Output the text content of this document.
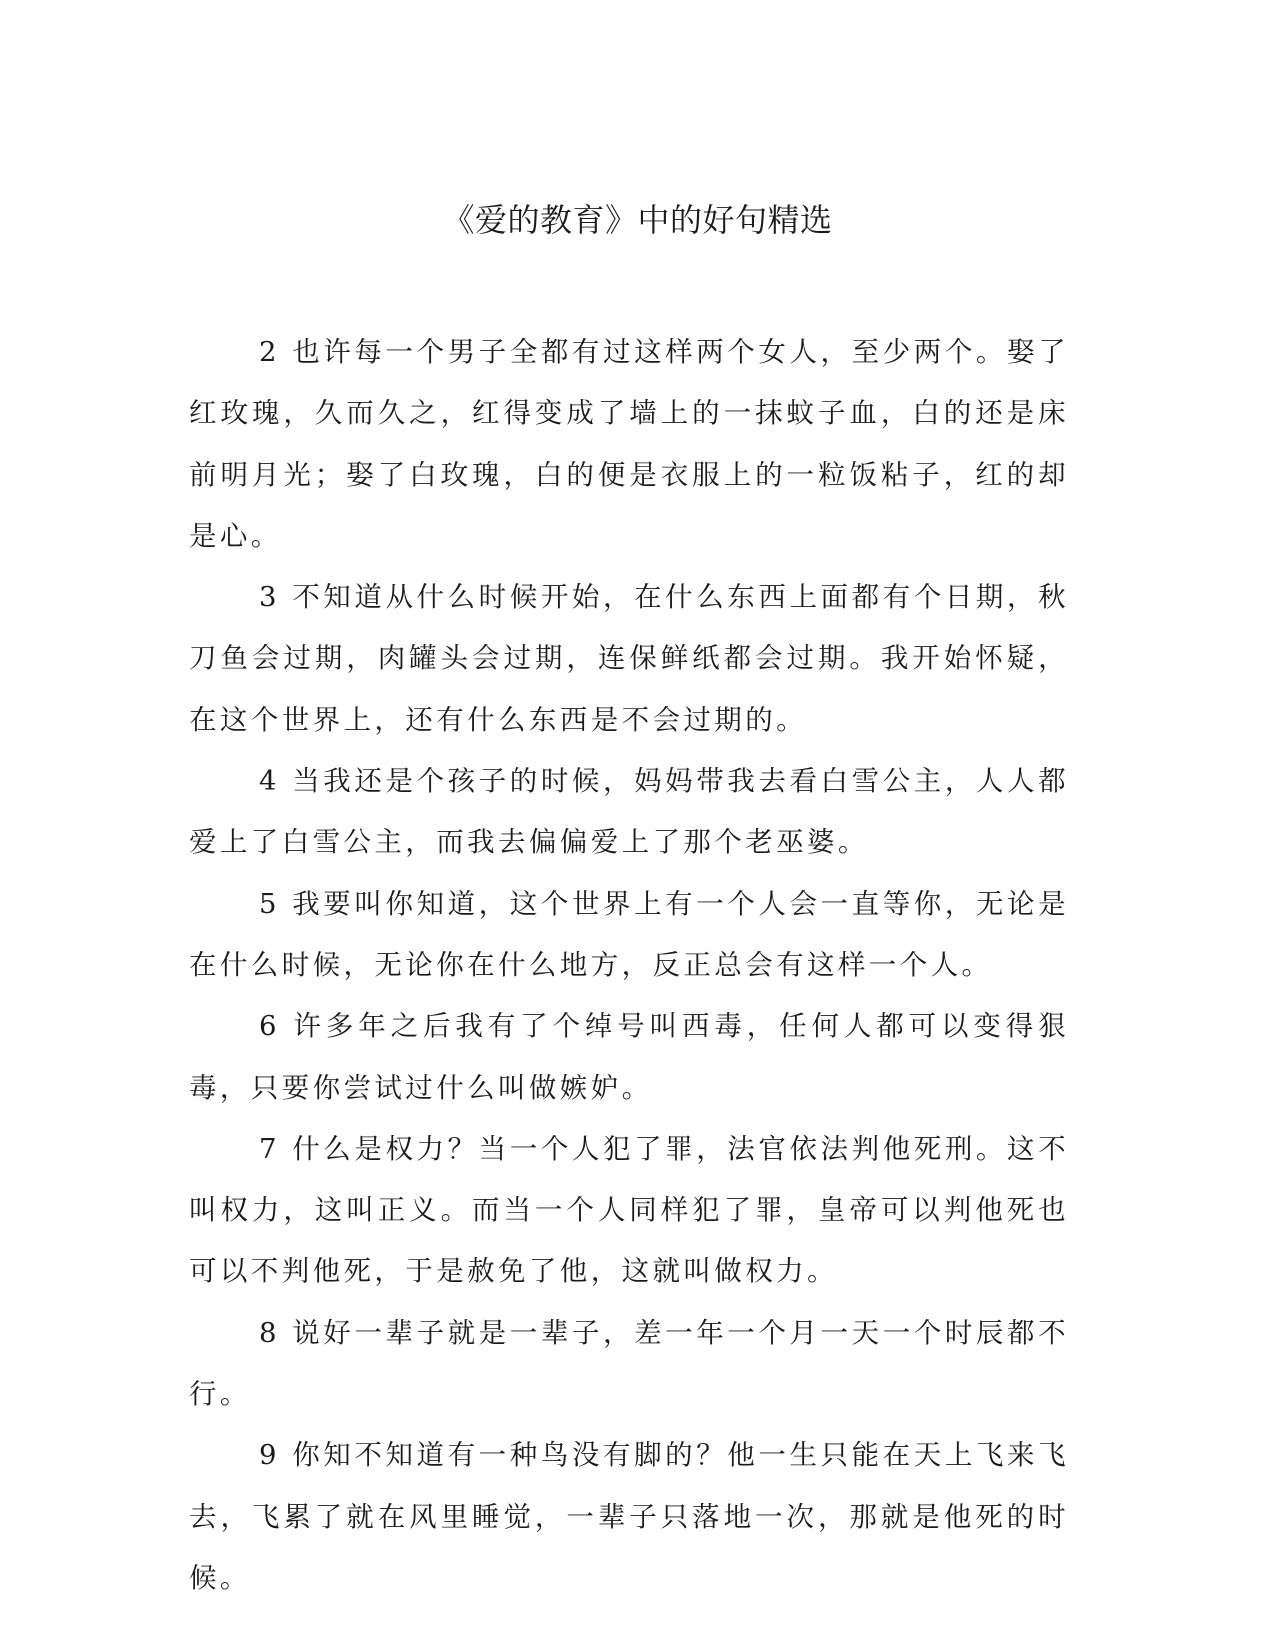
《爱的教育》中的好句精选

2 也许每一个男子全都有过这样两个女人，至少两个。娶了红玫瑰，久而久之，红得变成了墙上的一抹蚊子血，白的还是床前明月光；娶了白玫瑰，白的便是衣服上的一粒饭粘子，红的却是心。

3 不知道从什么时候开始，在什么东西上面都有个日期，秋刀鱼会过期，肉罐头会过期，连保鲜纸都会过期。我开始怀疑，在这个世界上，还有什么东西是不会过期的。

4 当我还是个孩子的时候，妈妈带我去看白雪公主，人人都爱上了白雪公主，而我去偏偏爱上了那个老巫婆。

5 我要叫你知道，这个世界上有一个人会一直等你，无论是在什么时候，无论你在什么地方，反正总会有这样一个人。

6 许多年之后我有了个绰号叫西毒，任何人都可以变得狠毒，只要你尝试过什么叫做嫉妒。

7 什么是权力？当一个人犯了罪，法官依法判他死刑。这不叫权力，这叫正义。而当一个人同样犯了罪，皇帝可以判他死也可以不判他死，于是赦免了他，这就叫做权力。

8 说好一辈子就是一辈子，差一年一个月一天一个时辰都不行。

9 你知不知道有一种鸟没有脚的？他一生只能在天上飞来飞去，飞累了就在风里睡觉，一辈子只落地一次，那就是他死的时候。
